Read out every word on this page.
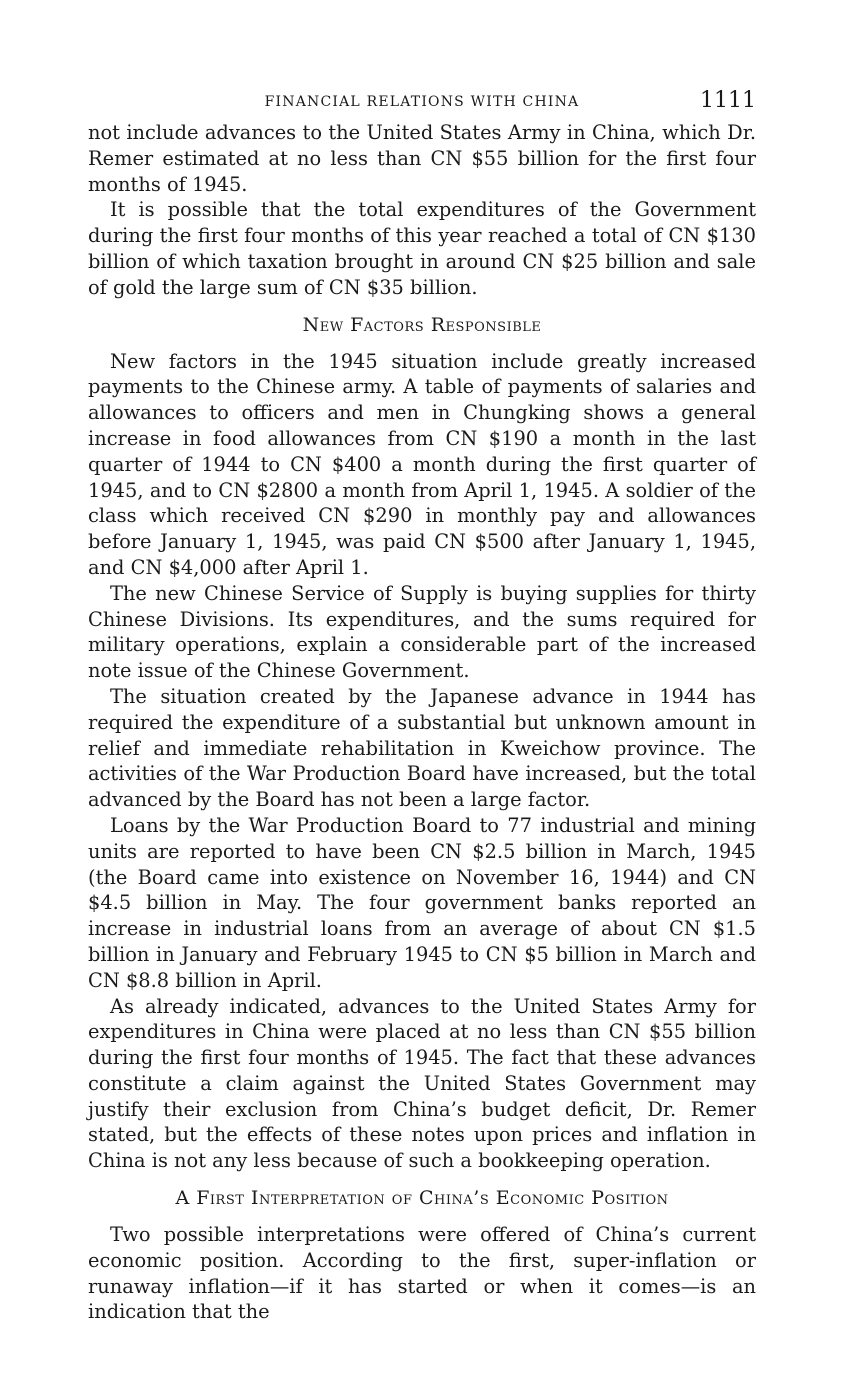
FINANCIAL RELATIONS WITH CHINA	1111

not include advances to the United States Army in China, which Dr. Remer estimated at no less than CN $55 billion for the first four months of 1945.

It is possible that the total expenditures of the Government during the first four months of this year reached a total of CN $130 billion of which taxation brought in around CN $25 billion and sale of gold the large sum of CN $35 billion.

New Factors Responsible

New factors in the 1945 situation include greatly increased payments to the Chinese army. A table of payments of salaries and allowances to officers and men in Chungking shows a general increase in food allowances from CN $190 a month in the last quarter of 1944 to CN $400 a month during the first quarter of 1945, and to CN $2800 a month from April 1, 1945. A soldier of the class which received CN $290 in monthly pay and allowances before January 1, 1945, was paid CN $500 after January 1, 1945, and CN $4,000 after April 1.

The new Chinese Service of Supply is buying supplies for thirty Chinese Divisions. Its expenditures, and the sums required for military operations, explain a considerable part of the increased note issue of the Chinese Government.

The situation created by the Japanese advance in 1944 has required the expenditure of a substantial but unknown amount in relief and immediate rehabilitation in Kweichow province. The activities of the War Production Board have increased, but the total advanced by the Board has not been a large factor.

Loans by the War Production Board to 77 industrial and mining units are reported to have been CN $2.5 billion in March, 1945 (the Board came into existence on November 16, 1944) and CN $4.5 billion in May. The four government banks reported an increase in industrial loans from an average of about CN $1.5 billion in January and February 1945 to CN $5 billion in March and CN $8.8 billion in April.

As already indicated, advances to the United States Army for expenditures in China were placed at no less than CN $55 billion during the first four months of 1945. The fact that these advances constitute a claim against the United States Government may justify their exclusion from China’s budget deficit, Dr. Remer stated, but the effects of these notes upon prices and inflation in China is not any less because of such a bookkeeping operation.

A First Interpretation of China’s Economic Position

Two possible interpretations were offered of China’s current economic position. According to the first, super-inflation or runaway inflation—if it has started or when it comes—is an indication that the
